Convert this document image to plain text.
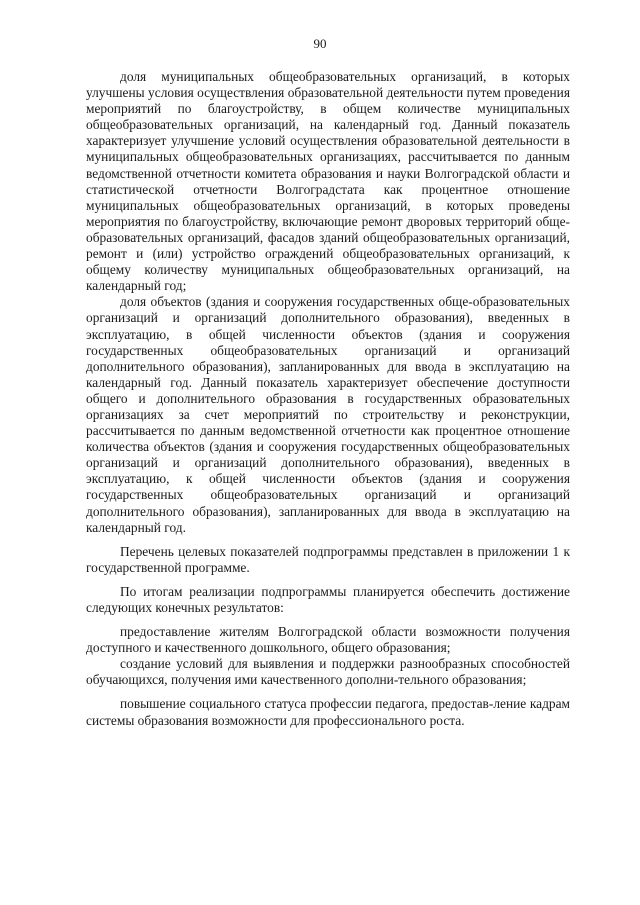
90

доля муниципальных общеобразовательных организаций, в которых улучшены условия осуществления образовательной деятельности путем проведения мероприятий по благоустройству, в общем количестве муниципальных общеобразовательных организаций, на календарный год. Данный показатель характеризует улучшение условий осуществления образовательной деятельности в муниципальных общеобразовательных организациях, рассчитывается по данным ведомственной отчетности комитета образования и науки Волгоградской области и статистической отчетности Волгоградстата как процентное отношение муниципальных общеобразовательных организаций, в которых проведены мероприятия по благоустройству, включающие ремонт дворовых территорий обще-образовательных организаций, фасадов зданий общеобразовательных организаций, ремонт и (или) устройство ограждений общеобразовательных организаций, к общему количеству муниципальных общеобразовательных организаций, на календарный год;

доля объектов (здания и сооружения государственных обще-образовательных организаций и организаций дополнительного образования), введенных в эксплуатацию, в общей численности объектов (здания и сооружения государственных общеобразовательных организаций и организаций дополнительного образования), запланированных для ввода в эксплуатацию на календарный год. Данный показатель характеризует обеспечение доступности общего и дополнительного образования в государственных образовательных организациях за счет мероприятий по строительству и реконструкции, рассчитывается по данным ведомственной отчетности как процентное отношение количества объектов (здания и сооружения государственных общеобразовательных организаций и организаций дополнительного образования), введенных в эксплуатацию, к общей численности объектов (здания и сооружения государственных общеобразовательных организаций и организаций дополнительного образования), запланированных для ввода в эксплуатацию на календарный год.

Перечень целевых показателей подпрограммы представлен в приложении 1 к государственной программе.

По итогам реализации подпрограммы планируется обеспечить достижение следующих конечных результатов:

предоставление жителям Волгоградской области возможности получения доступного и качественного дошкольного, общего образования;

создание условий для выявления и поддержки разнообразных способностей обучающихся, получения ими качественного дополни-тельного образования;

повышение социального статуса профессии педагога, предостав-ление кадрам системы образования возможности для профессионального роста.
